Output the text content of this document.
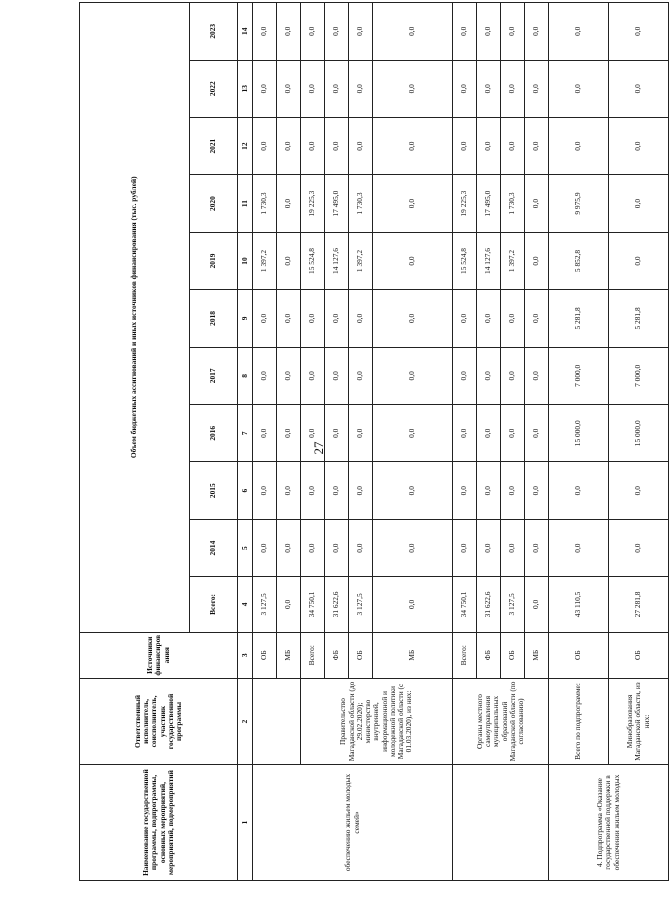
27
Наименование государственной программы, подпрограммы, основных мероприятий, мероприятий, подмероприятий	Ответственный исполнитель, соисполнитель, участник государственной программы	Источники финансирования	Объем бюджетных ассигнований и иных источников финансирования (тыс. рублей)										
			Всего:	2014	2015	2016	2017	2018	2019	2020	2021	2022	2023
1	2	3	4	5	6	7	8	9	10	11	12	13	14
обеспечению жильем молодых семей»		ОБ	3 127,5	0,0	0,0	0,0	0,0	0,0	1 397,2	1 730,3	0,0	0,0	0,0
		МБ	0,0	0,0	0,0	0,0	0,0	0,0	0,0	0,0	0,0	0,0	0,0
	Правительство Магаданской области (до 29.02.2020); министерство внутренней, информационной и молодежной политики Магаданской области (с 01.03.2020), из них:	Всего:	34 750,1	0,0	0,0	0,0	0,0	0,0	15 524,8	19 225,3	0,0	0,0	0,0
		ФБ	31 622,6	0,0	0,0	0,0	0,0	0,0	14 127,6	17 495,0	0,0	0,0	0,0
		ОБ	3 127,5	0,0	0,0	0,0	0,0	0,0	1 397,2	1 730,3	0,0	0,0	0,0
		МБ	0,0	0,0	0,0	0,0	0,0	0,0	0,0	0,0	0,0	0,0	0,0
	Органы местного самоуправления муниципальных образований Магаданской области (по согласованию)	Всего:	34 750,1	0,0	0,0	0,0	0,0	0,0	15 524,8	19 225,3	0,0	0,0	0,0
		ФБ	31 622,6	0,0	0,0	0,0	0,0	0,0	14 127,6	17 495,0	0,0	0,0	0,0
		ОБ	3 127,5	0,0	0,0	0,0	0,0	0,0	1 397,2	1 730,3	0,0	0,0	0,0
		МБ	0,0	0,0	0,0	0,0	0,0	0,0	0,0	0,0	0,0	0,0	0,0
4. Подпрограмма «Оказание государственной поддержки в обеспечении жильем молодых	Всего по подпрограмме:	ОБ	43 110,5	0,0	0,0	15 000,0	7 000,0	5 281,8	5 852,8	9 975,9	0,0	0,0	0,0
	Минобразования Магаданской области, из них:	ОБ	27 281,8	0,0	0,0	15 000,0	7 000,0	5 281,8	0,0	0,0	0,0	0,0	0,0
